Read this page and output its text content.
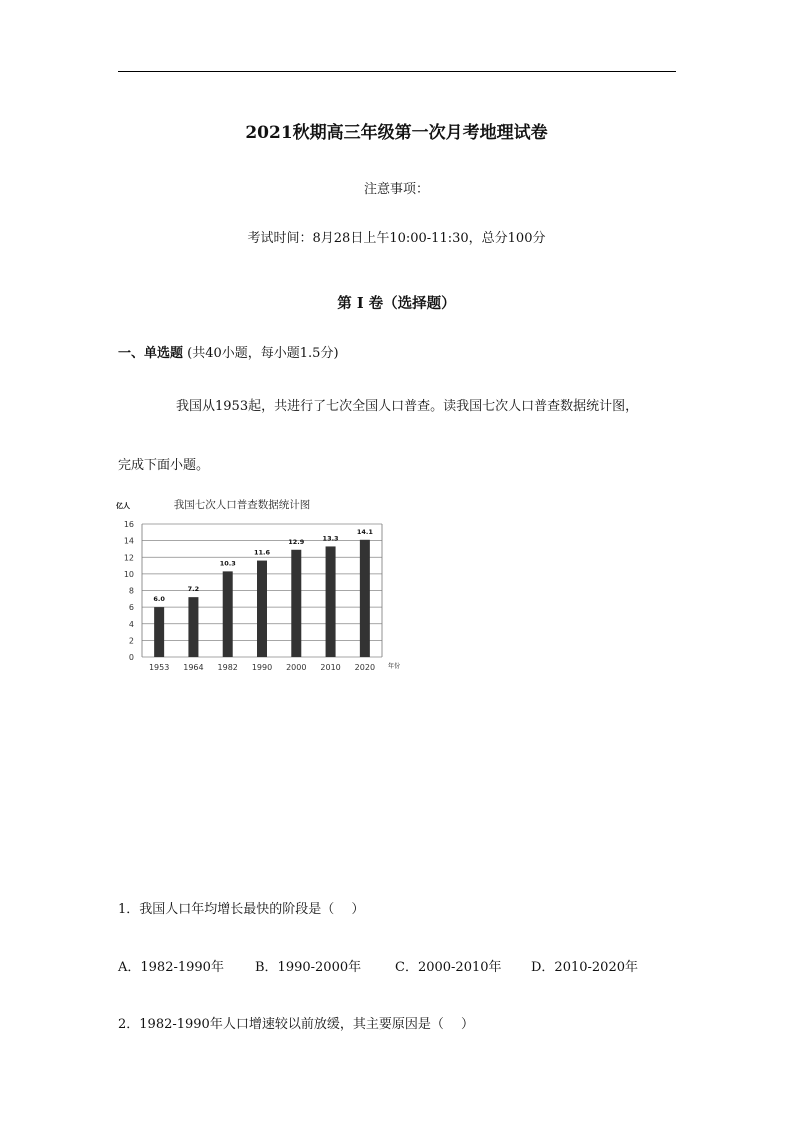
2021秋期高三年级第一次月考地理试卷
注意事项：
考试时间：8月28日上午10:00-11:30，总分100分
第 I 卷（选择题）
一、单选题 (共40小题，每小题1.5分)
我国从1953起，共进行了七次全国人口普查。读我国七次人口普查数据统计图，
完成下面小题。
亿人	我国七次人口普查数据统计图
年份
0
2
4
6
8
10
12
14
16
6.0
7.2
10.3
11.6
12.9	13.3
14.1
1953 1964 1982 1990 2000 2010 2020
1．我国人口年均增长最快的阶段是（　 ）
A．1982-1990年 B．1990-2000年	C．2000-2010年 D．2010-2020年
2．1982-1990年人口增速较以前放缓，其主要原因是（　 ）
